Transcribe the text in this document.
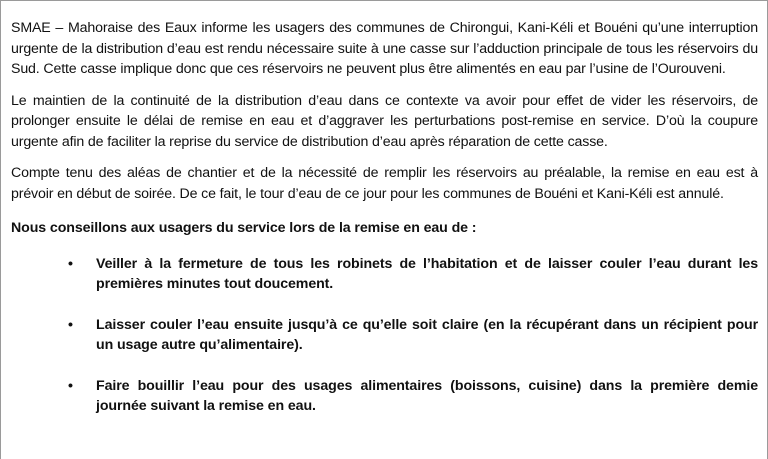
SMAE – Mahoraise des Eaux informe les usagers des communes de Chirongui, Kani-Kéli et Bouéni qu’une interruption urgente de la distribution d’eau est rendu nécessaire suite à une casse sur l’adduction principale de tous les réservoirs du Sud. Cette casse implique donc que ces réservoirs ne peuvent plus être alimentés en eau par l’usine de l’Ourouveni.

Le maintien de la continuité de la distribution d’eau dans ce contexte va avoir pour effet de vider les réservoirs, de prolonger ensuite le délai de remise en eau et d’aggraver les perturbations post-remise en service. D’où la coupure urgente afin de faciliter la reprise du service de distribution d’eau après réparation de cette casse.

Compte tenu des aléas de chantier et de la nécessité de remplir les réservoirs au préalable, la remise en eau est à prévoir en début de soirée. De ce fait, le tour d’eau de ce jour pour les communes de Bouéni et Kani-Kéli est annulé.

Nous conseillons aux usagers du service lors de la remise en eau de :

• Veiller à la fermeture de tous les robinets de l’habitation et de laisser couler l’eau durant les premières minutes tout doucement.
• Laisser couler l’eau ensuite jusqu’à ce qu’elle soit claire (en la récupérant dans un récipient pour un usage autre qu’alimentaire).
• Faire bouillir l’eau pour des usages alimentaires (boissons, cuisine) dans la première demie journée suivant la remise en eau.
